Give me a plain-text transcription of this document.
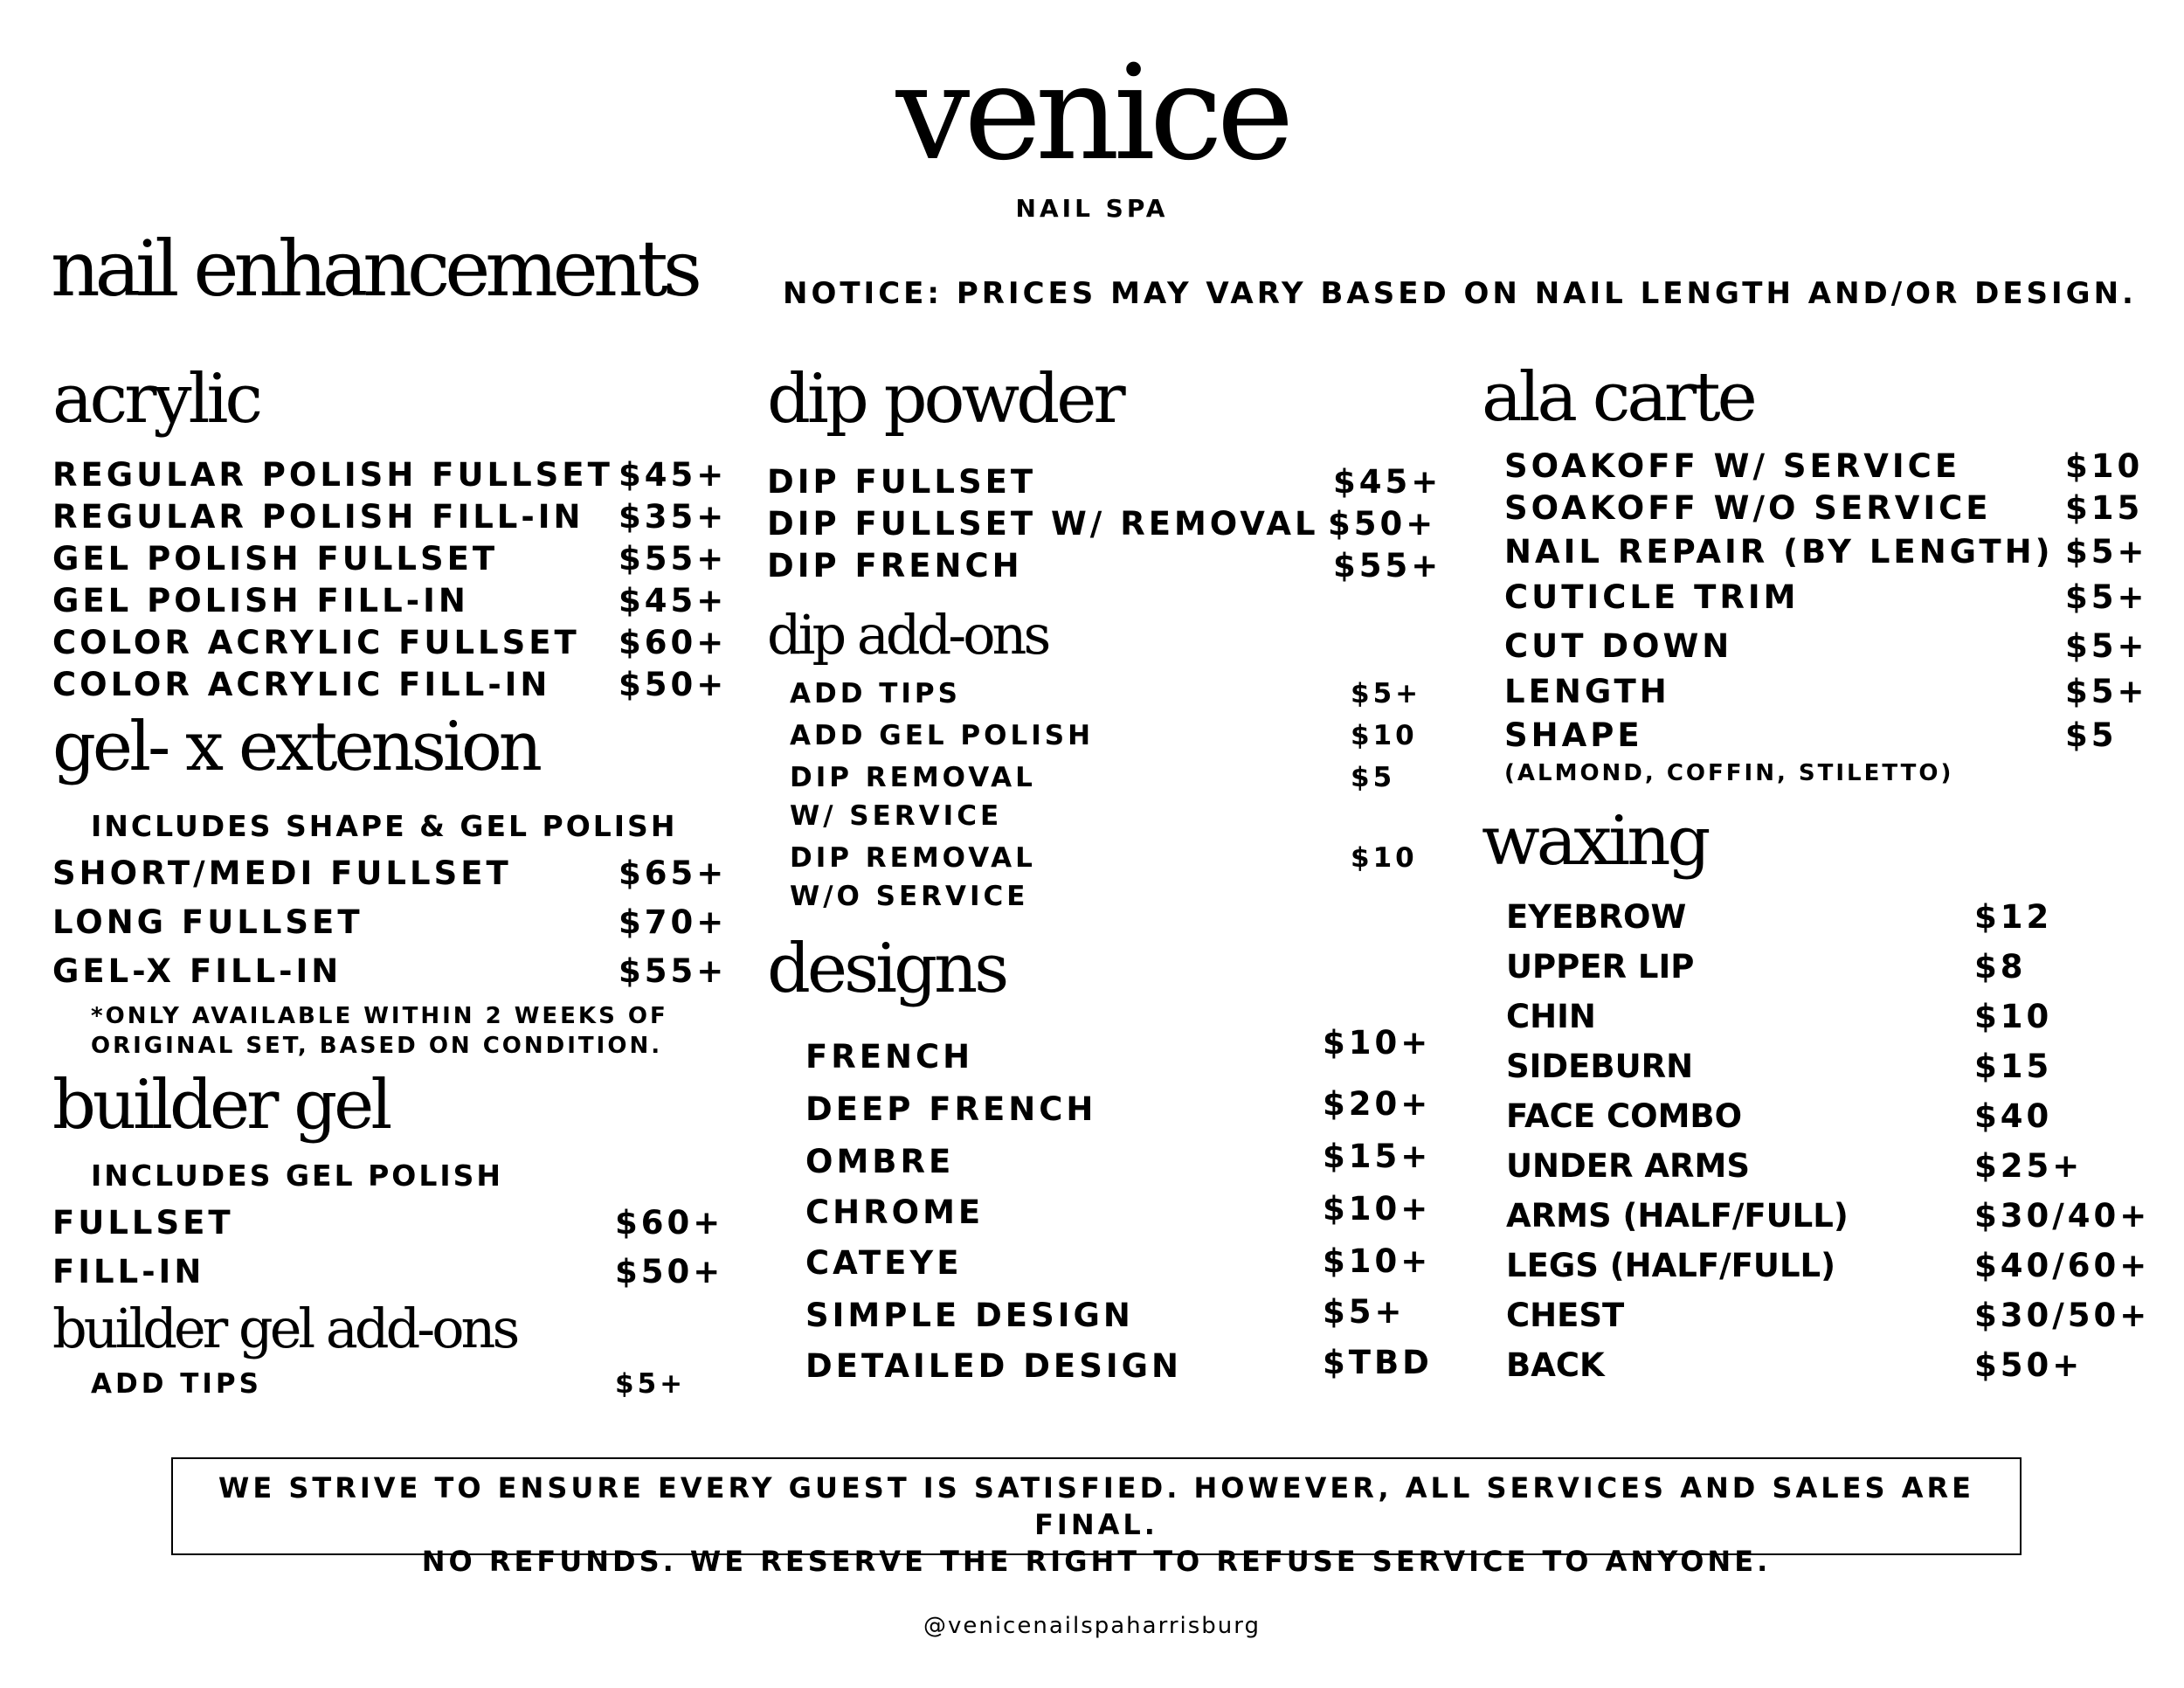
venice
NAIL SPA
nail enhancements	NOTICE: PRICES MAY VARY BASED ON NAIL LENGTH AND/OR DESIGN.
acrylic
REGULAR POLISH FULLSET $45+
REGULAR POLISH FILL-IN $35+
GEL POLISH FULLSET	$55+
GEL POLISH FILL-IN	$45+
COLOR ACRYLIC FULLSET $60+
COLOR ACRYLIC FILL-IN $50+
gel- x extension
INCLUDES SHAPE & GEL POLISH
SHORT/MEDI FULLSET	$65+
LONG FULLSET	$70+
GEL-X FILL-IN	$55+
*ONLY AVAILABLE WITHIN 2 WEEKS OF
ORIGINAL SET, BASED ON CONDITION.
builder gel
INCLUDES GEL POLISH
FULLSET	$60+
FILL-IN	$50+
builder gel add-ons
ADD TIPS	$5+
dip powder
DIP FULLSET	$45+
DIP FULLSET W/ REMOVAL $50+
DIP FRENCH	$55+
dip add-ons
ADD TIPS	$5+
ADD GEL POLISH	$10
DIP REMOVAL	$5
W/ SERVICE
DIP REMOVAL	$10
W/O SERVICE
designs
FRENCH	$10+
DEEP FRENCH	$20+
OMBRE	$15+
CHROME	$10+
CATEYE	$10+
SIMPLE DESIGN	$5+
DETAILED DESIGN	$TBD
ala carte
SOAKOFF W/ SERVICE	$10
SOAKOFF W/O SERVICE $15
NAIL REPAIR (BY LENGTH) $5+
CUTICLE TRIM	$5+
CUT DOWN	$5+
LENGTH	$5+
SHAPE	$5
(ALMOND, COFFIN, STILETTO)
waxing
EYEBROW	$12
UPPER LIP	$8
CHIN	$10
SIDEBURN	$15
FACE COMBO	$40
UNDER ARMS	$25+
ARMS (HALF/FULL)	$30/40+
LEGS (HALF/FULL)	$40/60+
CHEST	$30/50+
BACK	$50+
WE STRIVE TO ENSURE EVERY GUEST IS SATISFIED. HOWEVER, ALL SERVICES AND SALES ARE FINAL.
NO REFUNDS. WE RESERVE THE RIGHT TO REFUSE SERVICE TO ANYONE.
@venicenailspaharrisburg
